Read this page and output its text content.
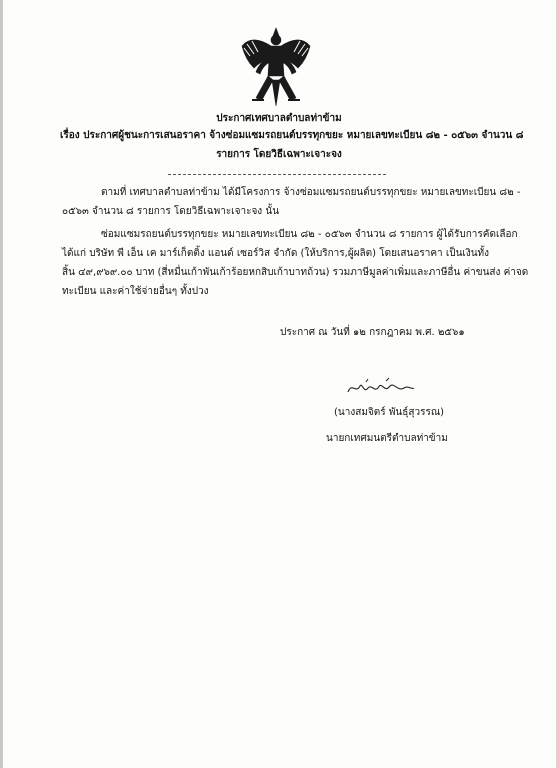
ประกาศเทศบาลตำบลท่าข้าม
เรื่อง ประกาศผู้ชนะการเสนอราคา จ้างซ่อมแซมรถยนต์บรรทุกขยะ หมายเลขทะเบียน ๘๒ - ๐๕๖๓ จำนวน ๘
รายการ โดยวิธีเฉพาะเจาะจง
ตามที่ เทศบาลตำบลท่าข้าม ได้มีโครงการ จ้างซ่อมแซมรถยนต์บรรทุกขยะ หมายเลขทะเบียน ๘๒ -
๐๕๖๓ จำนวน ๘ รายการ โดยวิธีเฉพาะเจาะจง นั้น
ซ่อมแซมรถยนต์บรรทุกขยะ หมายเลขทะเบียน ๘๒ - ๐๕๖๓ จำนวน ๘ รายการ ผู้ได้รับการคัดเลือก
ได้แก่ บริษัท พี เอ็น เค มาร์เก็ตติ้ง แอนด์ เซอร์วิส จำกัด (ให้บริการ,ผู้ผลิต) โดยเสนอราคา เป็นเงินทั้ง
สิ้น ๔๙,๙๖๙.๐๐ บาท (สี่หมื่นเก้าพันเก้าร้อยหกสิบเก้าบาทถ้วน) รวมภาษีมูลค่าเพิ่มและภาษีอื่น ค่าขนส่ง ค่าจด
ทะเบียน และค่าใช้จ่ายอื่นๆ ทั้งปวง
ประกาศ ณ วันที่ ๑๒ กรกฎาคม พ.ศ. ๒๕๖๑
(นางสมจิตร์ พันธุ์สุวรรณ)
นายกเทศมนตรีตำบลท่าข้าม
